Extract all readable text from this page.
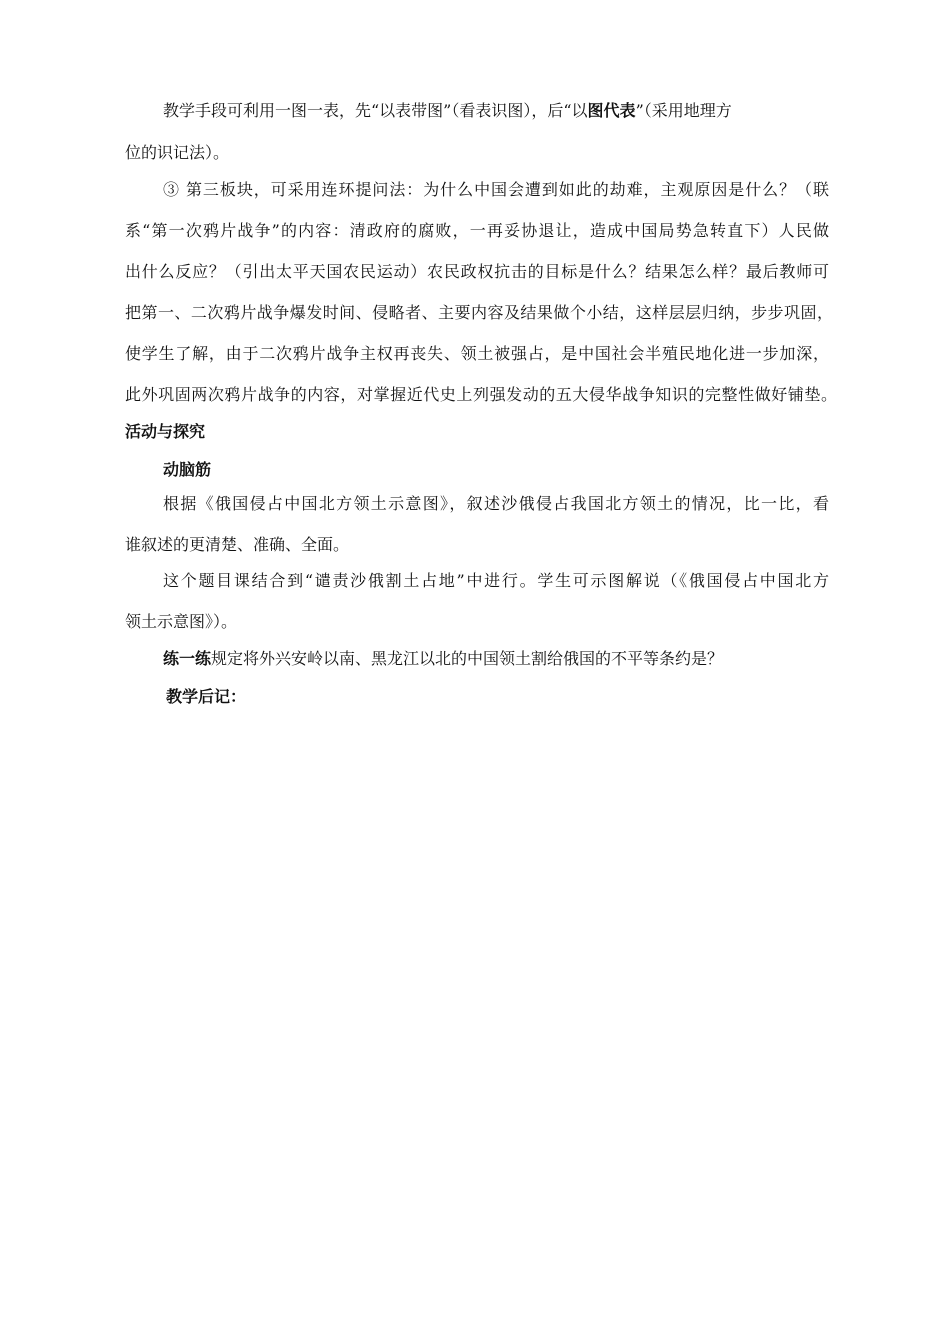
教学手段可利用一图一表，先“以表带图”（看表识图），后“以图代表”（采用地理方
位的识记法）。
③ 第三板块，可采用连环提问法：为什么中国会遭到如此的劫难，主观原因是什么？（联
系“第一次鸦片战争”的内容：清政府的腐败，一再妥协退让，造成中国局势急转直下）人民做
出什么反应？（引出太平天国农民运动）农民政权抗击的目标是什么？结果怎么样？最后教师可
把第一、二次鸦片战争爆发时间、侵略者、主要内容及结果做个小结，这样层层归纳，步步巩固，
使学生了解，由于二次鸦片战争主权再丧失、领土被强占，是中国社会半殖民地化进一步加深，
此外巩固两次鸦片战争的内容，对掌握近代史上列强发动的五大侵华战争知识的完整性做好铺垫。
活动与探究
动脑筋
根据《俄国侵占中国北方领土示意图》，叙述沙俄侵占我国北方领土的情况，比一比，看
谁叙述的更清楚、准确、全面。
这个题目课结合到“谴责沙俄割土占地”中进行。学生可示图解说（《俄国侵占中国北方
领土示意图》）。
练一练规定将外兴安岭以南、黑龙江以北的中国领土割给俄国的不平等条约是？
教学后记：
